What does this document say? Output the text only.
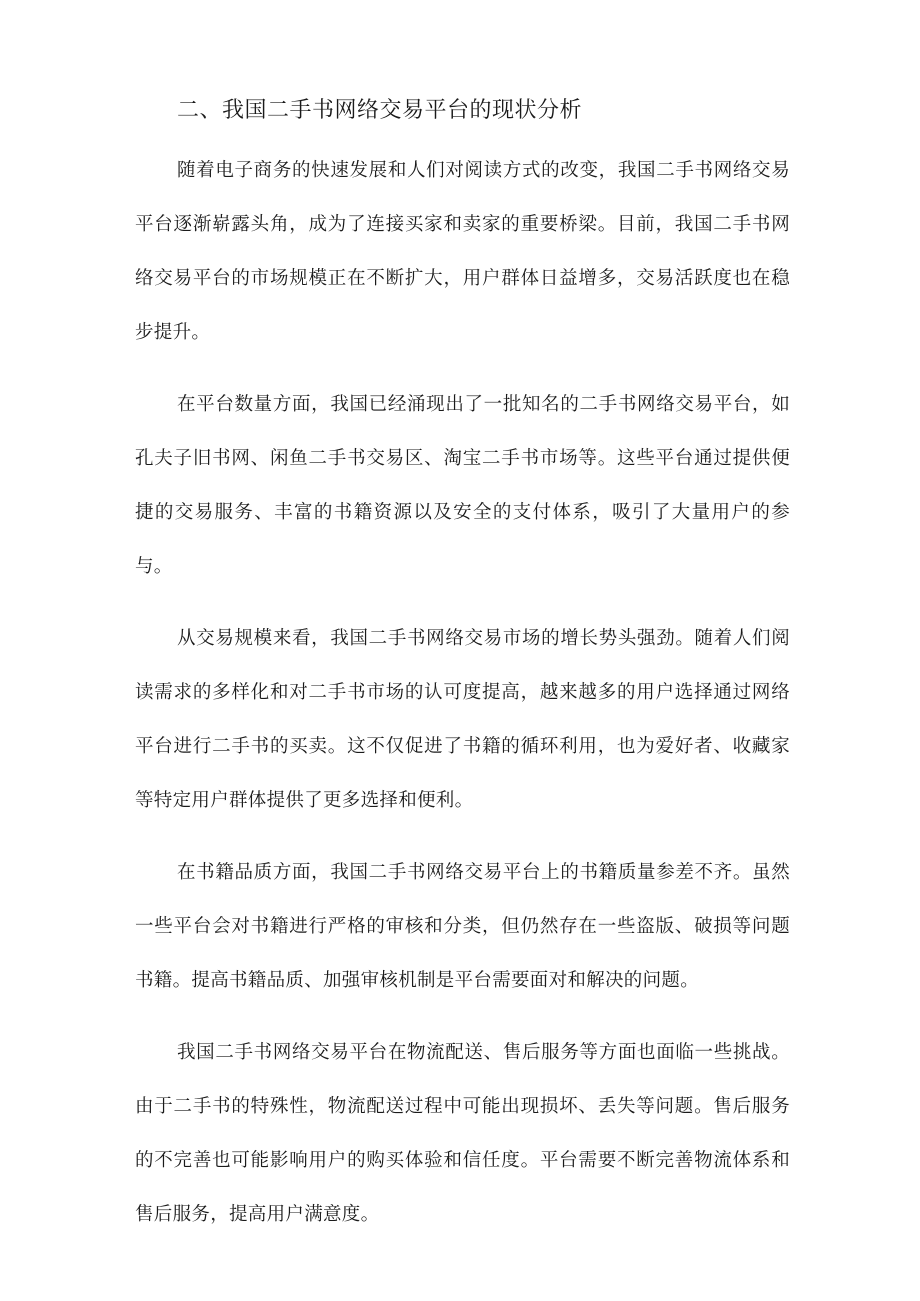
二、我国二手书网络交易平台的现状分析

随着电子商务的快速发展和人们对阅读方式的改变，我国二手书网络交易平台逐渐崭露头角，成为了连接买家和卖家的重要桥梁。目前，我国二手书网络交易平台的市场规模正在不断扩大，用户群体日益增多，交易活跃度也在稳步提升。

在平台数量方面，我国已经涌现出了一批知名的二手书网络交易平台，如孔夫子旧书网、闲鱼二手书交易区、淘宝二手书市场等。这些平台通过提供便捷的交易服务、丰富的书籍资源以及安全的支付体系，吸引了大量用户的参与。

从交易规模来看，我国二手书网络交易市场的增长势头强劲。随着人们阅读需求的多样化和对二手书市场的认可度提高，越来越多的用户选择通过网络平台进行二手书的买卖。这不仅促进了书籍的循环利用，也为爱好者、收藏家等特定用户群体提供了更多选择和便利。

在书籍品质方面，我国二手书网络交易平台上的书籍质量参差不齐。虽然一些平台会对书籍进行严格的审核和分类，但仍然存在一些盗版、破损等问题书籍。提高书籍品质、加强审核机制是平台需要面对和解决的问题。

我国二手书网络交易平台在物流配送、售后服务等方面也面临一些挑战。由于二手书的特殊性，物流配送过程中可能出现损坏、丢失等问题。售后服务的不完善也可能影响用户的购买体验和信任度。平台需要不断完善物流体系和售后服务，提高用户满意度。
